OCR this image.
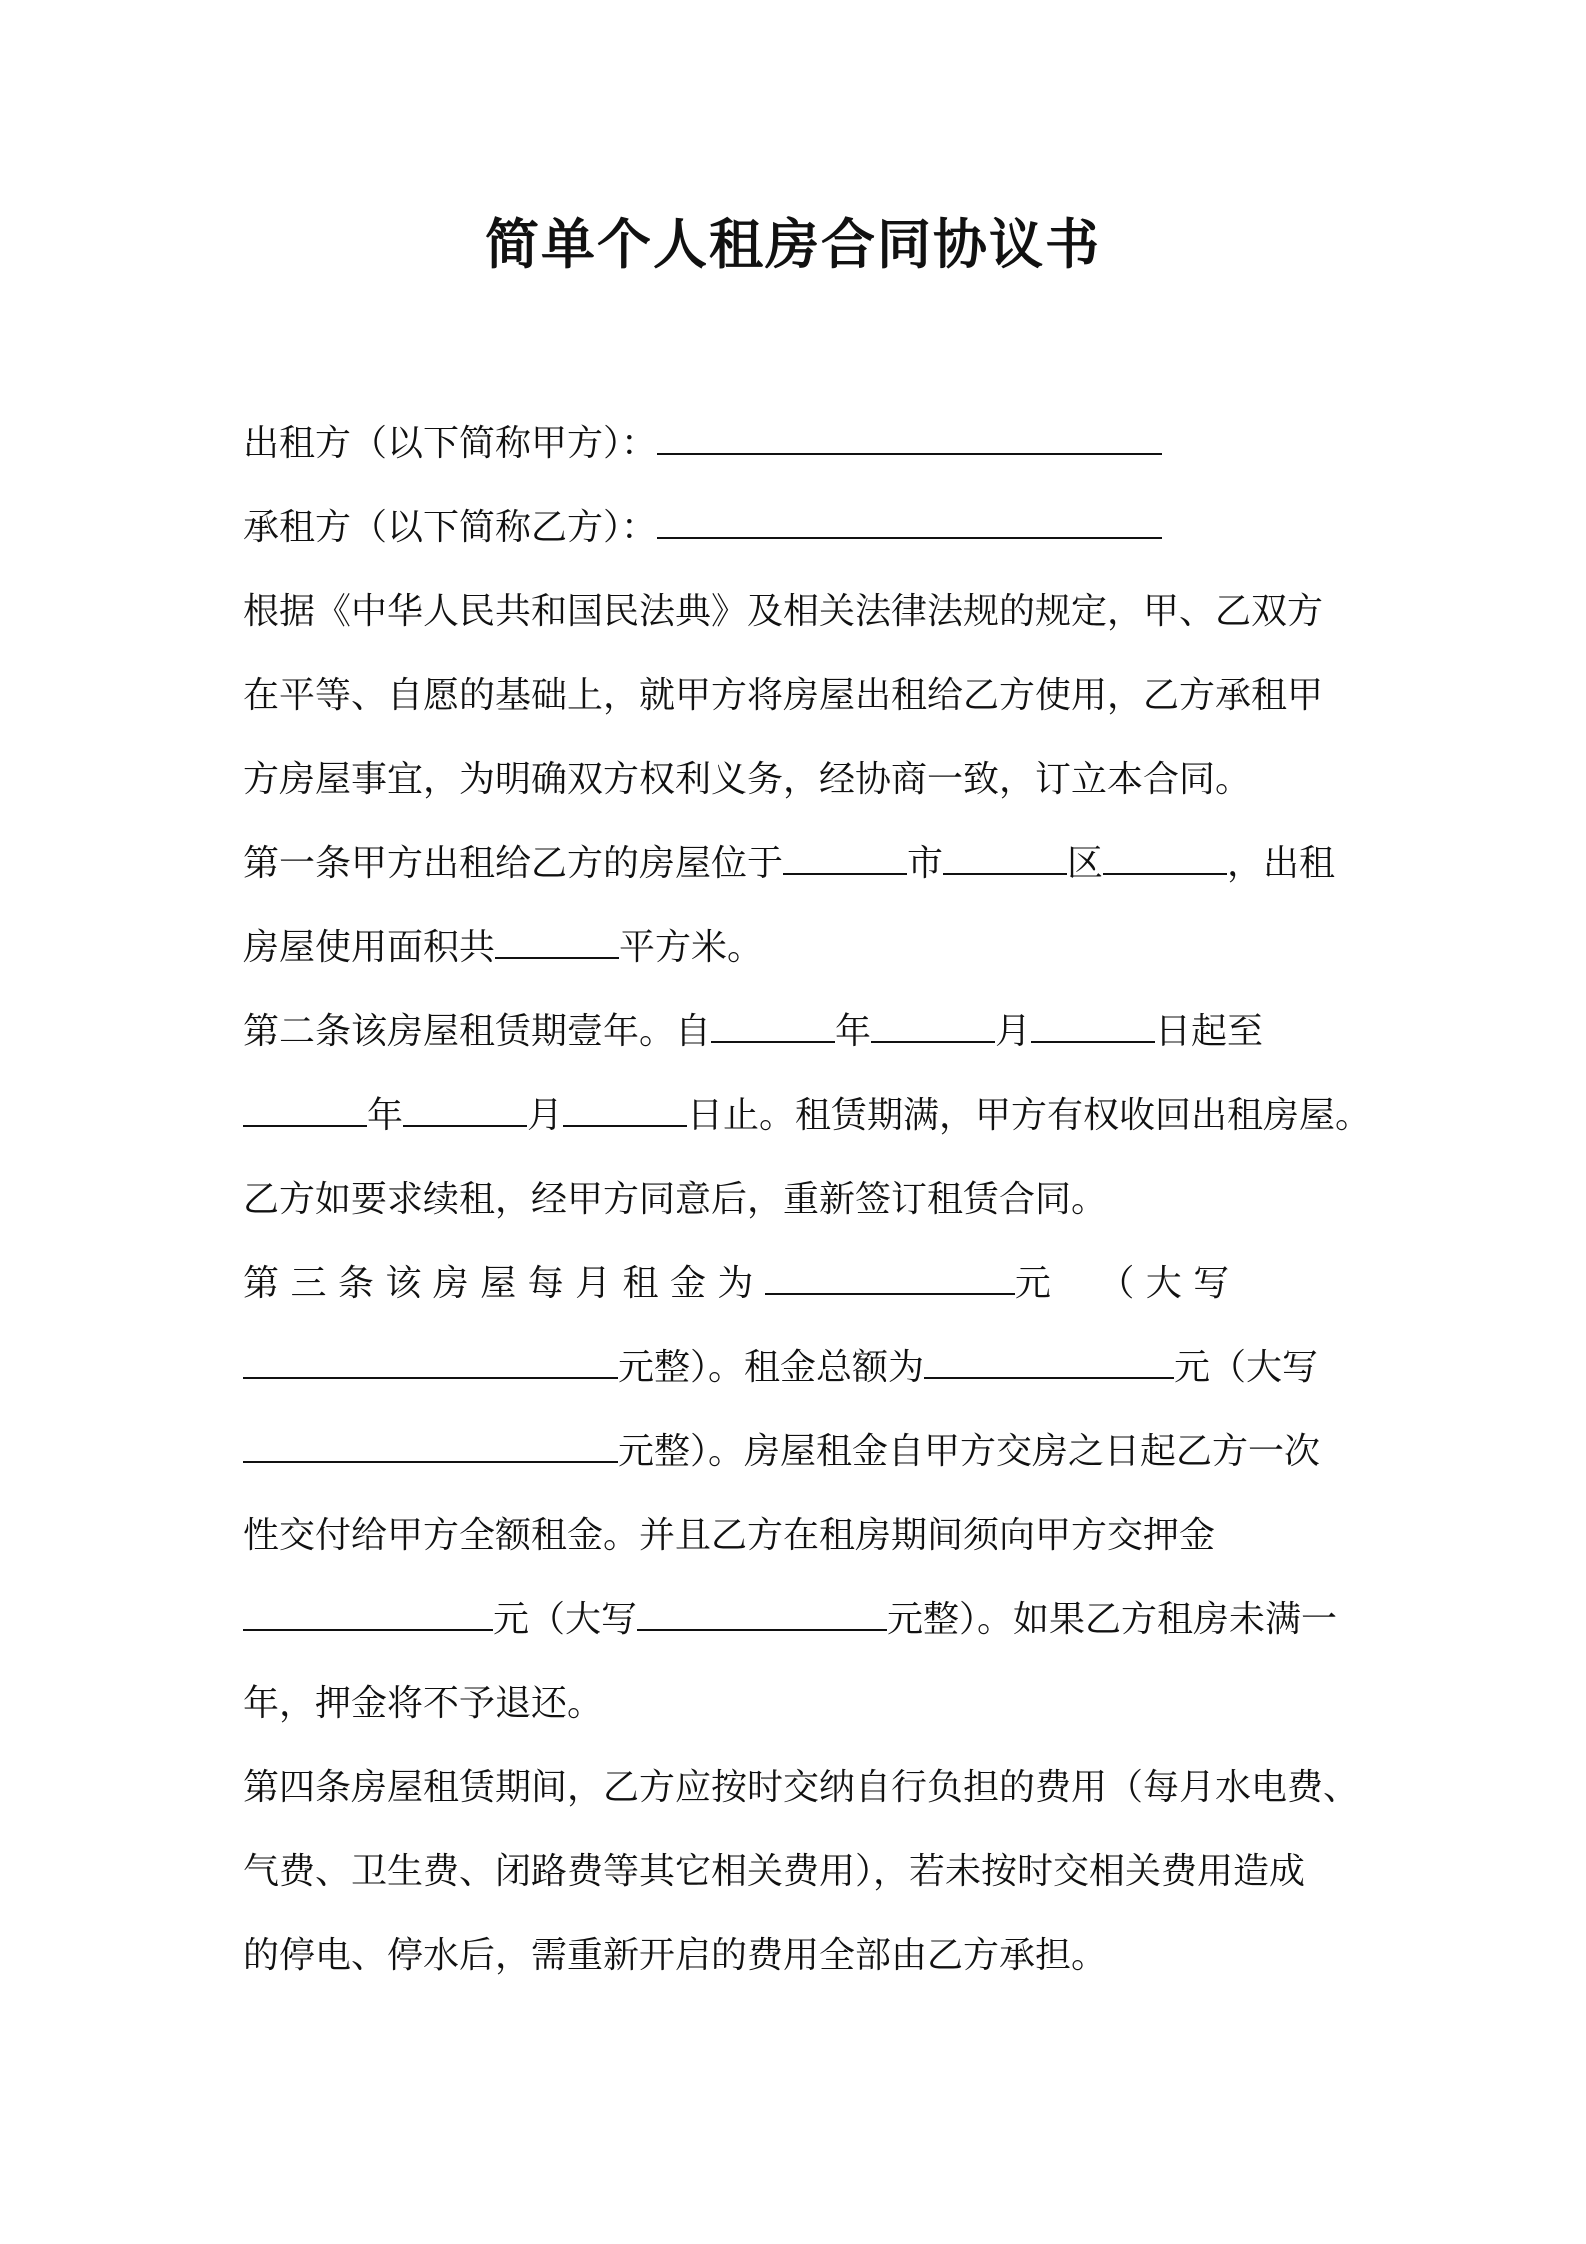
简单个人租房合同协议书
出租方（以下简称甲方）：
承租方（以下简称乙方）：
根据《中华人民共和国民法典》及相关法律法规的规定，甲、乙双方
在平等、自愿的基础上，就甲方将房屋出租给乙方使用，乙方承租甲
方房屋事宜，为明确双方权利义务，经协商一致，订立本合同。
第一条甲方出租给乙方的房屋位于	市	区	，出租
房屋使用面积共	平方米。
第二条该房屋租赁期壹年。自	年	月	日起至
年	月	日止。租赁期满，甲方有权收回出租房屋。
乙方如要求续租，经甲方同意后，重新签订租赁合同。
第 三 条 该 房 屋 每 月 租 金 为	元　 （ 大 写
元整）。租金总额为	元（大写
元整）。房屋租金自甲方交房之日起乙方一次
性交付给甲方全额租金。并且乙方在租房期间须向甲方交押金
元（大写	元整）。如果乙方租房未满一
年，押金将不予退还。
第四条房屋租赁期间，乙方应按时交纳自行负担的费用（每月水电费、
气费、卫生费、闭路费等其它相关费用），若未按时交相关费用造成
的停电、停水后，需重新开启的费用全部由乙方承担。
